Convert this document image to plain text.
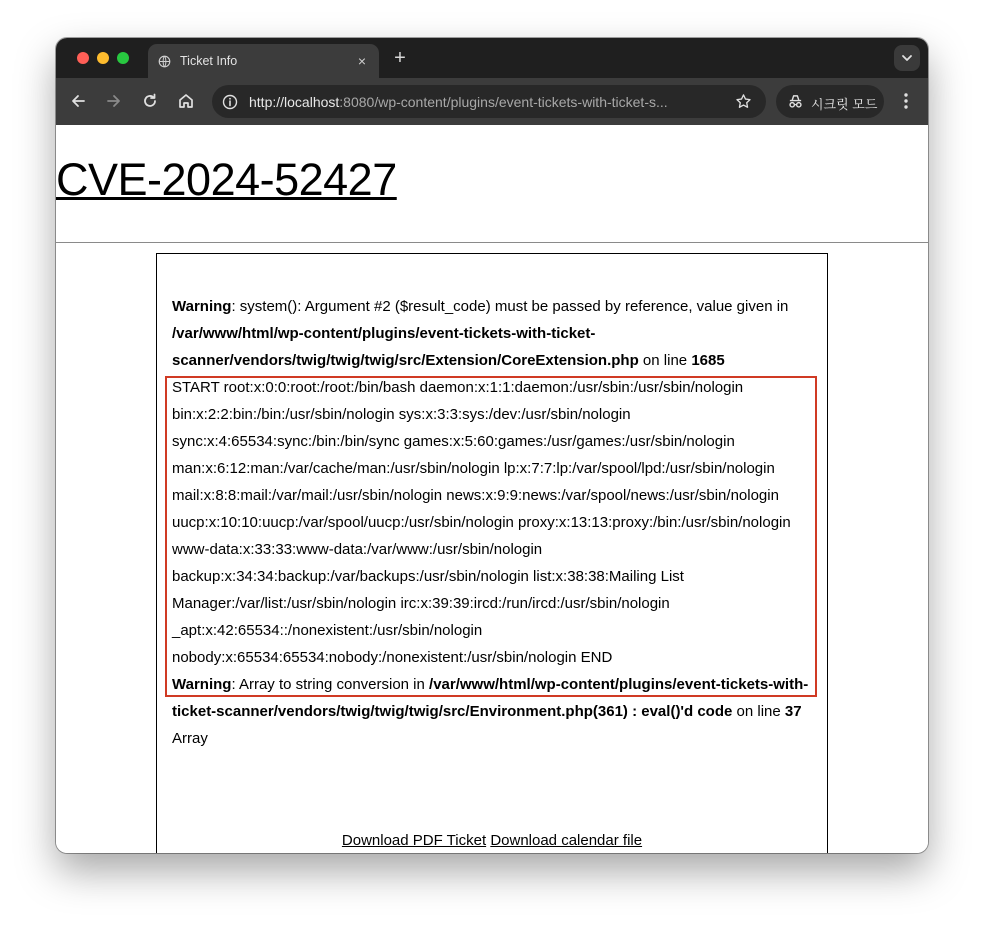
Ticket Info	× +
http://localhost:8080/wp-content/plugins/event-tickets-with-ticket-s...	시크릿 모드
CVE-2024-52427
Warning: system(): Argument #2 ($result_code) must be passed by reference, value given in /var/www/html/wp-content/plugins/event-tickets-with-ticket-scanner/vendors/twig/twig/twig/src/Extension/CoreExtension.php on line 1685
START root:x:0:0:root:/root:/bin/bash daemon:x:1:1:daemon:/usr/sbin:/usr/sbin/nologin bin:x:2:2:bin:/bin:/usr/sbin/nologin sys:x:3:3:sys:/dev:/usr/sbin/nologin sync:x:4:65534:sync:/bin:/bin/sync games:x:5:60:games:/usr/games:/usr/sbin/nologin man:x:6:12:man:/var/cache/man:/usr/sbin/nologin lp:x:7:7:lp:/var/spool/lpd:/usr/sbin/nologin mail:x:8:8:mail:/var/mail:/usr/sbin/nologin news:x:9:9:news:/var/spool/news:/usr/sbin/nologin uucp:x:10:10:uucp:/var/spool/uucp:/usr/sbin/nologin proxy:x:13:13:proxy:/bin:/usr/sbin/nologin www-data:x:33:33:www-data:/var/www:/usr/sbin/nologin backup:x:34:34:backup:/var/backups:/usr/sbin/nologin list:x:38:38:Mailing List Manager:/var/list:/usr/sbin/nologin irc:x:39:39:ircd:/run/ircd:/usr/sbin/nologin _apt:x:42:65534::/nonexistent:/usr/sbin/nologin nobody:x:65534:65534:nobody:/nonexistent:/usr/sbin/nologin END
Warning: Array to string conversion in /var/www/html/wp-content/plugins/event-tickets-with-ticket-scanner/vendors/twig/twig/twig/src/Environment.php(361) : eval()'d code on line 37
Array
Download PDF Ticket Download calendar file
